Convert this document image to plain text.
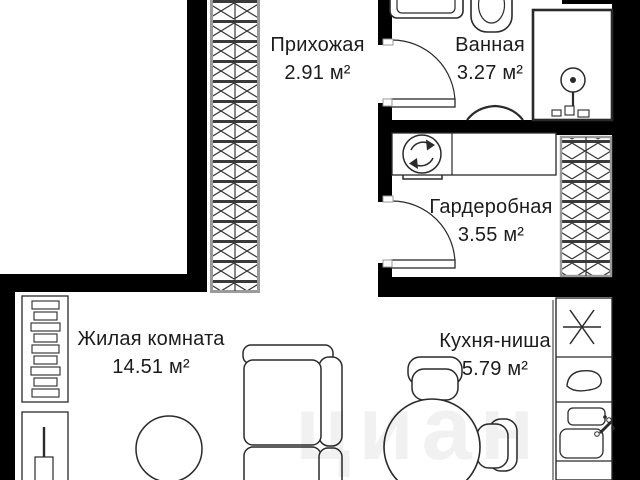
Прихожая
2.91 м²
Ванная
3.27 м²
Гардеробная
3.55 м²
Жилая комната
14.51 м²
Кухня-ниша
5.79 м²
